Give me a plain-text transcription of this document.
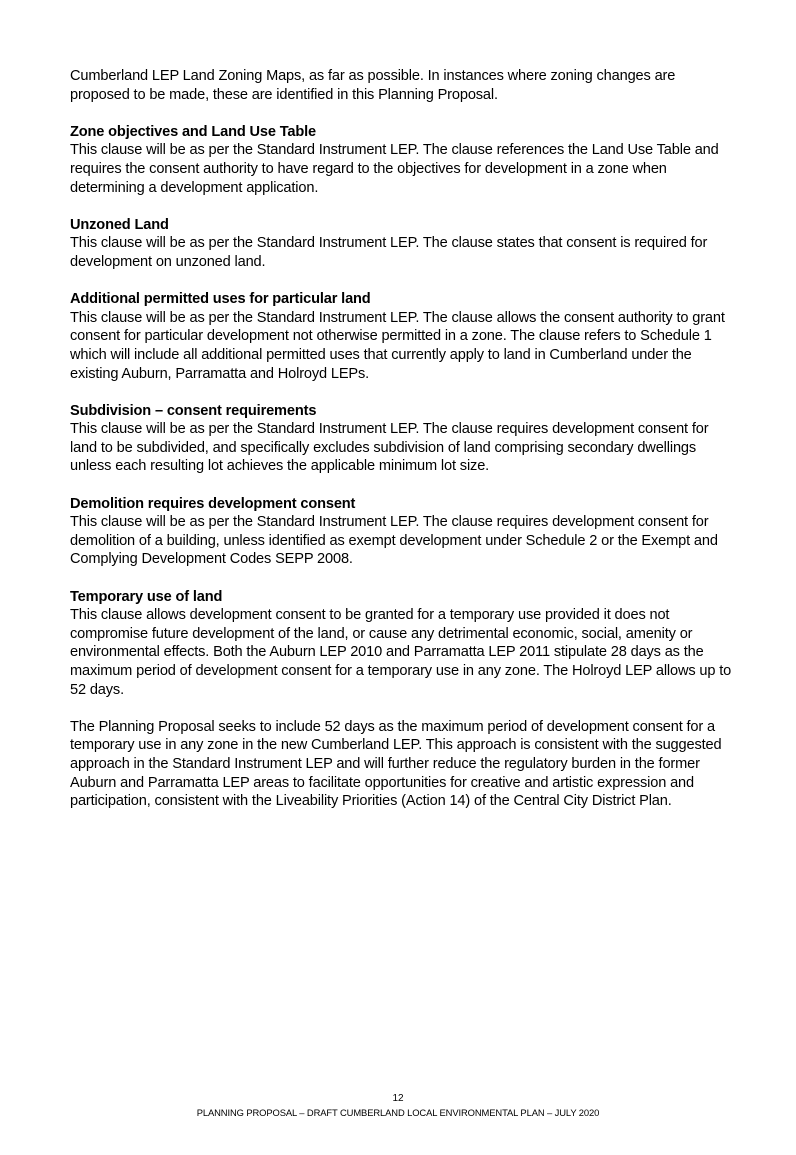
Cumberland LEP Land Zoning Maps, as far as possible. In instances where zoning changes are proposed to be made, these are identified in this Planning Proposal.

Zone objectives and Land Use Table
This clause will be as per the Standard Instrument LEP. The clause references the Land Use Table and requires the consent authority to have regard to the objectives for development in a zone when determining a development application.
Unzoned Land
This clause will be as per the Standard Instrument LEP. The clause states that consent is required for development on unzoned land.
Additional permitted uses for particular land
This clause will be as per the Standard Instrument LEP. The clause allows the consent authority to grant consent for particular development not otherwise permitted in a zone. The clause refers to Schedule 1 which will include all additional permitted uses that currently apply to land in Cumberland under the existing Auburn, Parramatta and Holroyd LEPs.
Subdivision – consent requirements
This clause will be as per the Standard Instrument LEP. The clause requires development consent for land to be subdivided, and specifically excludes subdivision of land comprising secondary dwellings unless each resulting lot achieves the applicable minimum lot size.
Demolition requires development consent
This clause will be as per the Standard Instrument LEP. The clause requires development consent for demolition of a building, unless identified as exempt development under Schedule 2 or the Exempt and Complying Development Codes SEPP 2008.
Temporary use of land
This clause allows development consent to be granted for a temporary use provided it does not compromise future development of the land, or cause any detrimental economic, social, amenity or environmental effects. Both the Auburn LEP 2010 and Parramatta LEP 2011 stipulate 28 days as the maximum period of development consent for a temporary use in any zone. The Holroyd LEP allows up to 52 days.

The Planning Proposal seeks to include 52 days as the maximum period of development consent for a temporary use in any zone in the new Cumberland LEP. This approach is consistent with the suggested approach in the Standard Instrument LEP and will further reduce the regulatory burden in the former Auburn and Parramatta LEP areas to facilitate opportunities for creative and artistic expression and participation, consistent with the Liveability Priorities (Action 14) of the Central City District Plan.

12
PLANNING PROPOSAL – DRAFT CUMBERLAND LOCAL ENVIRONMENTAL PLAN – JULY 2020
